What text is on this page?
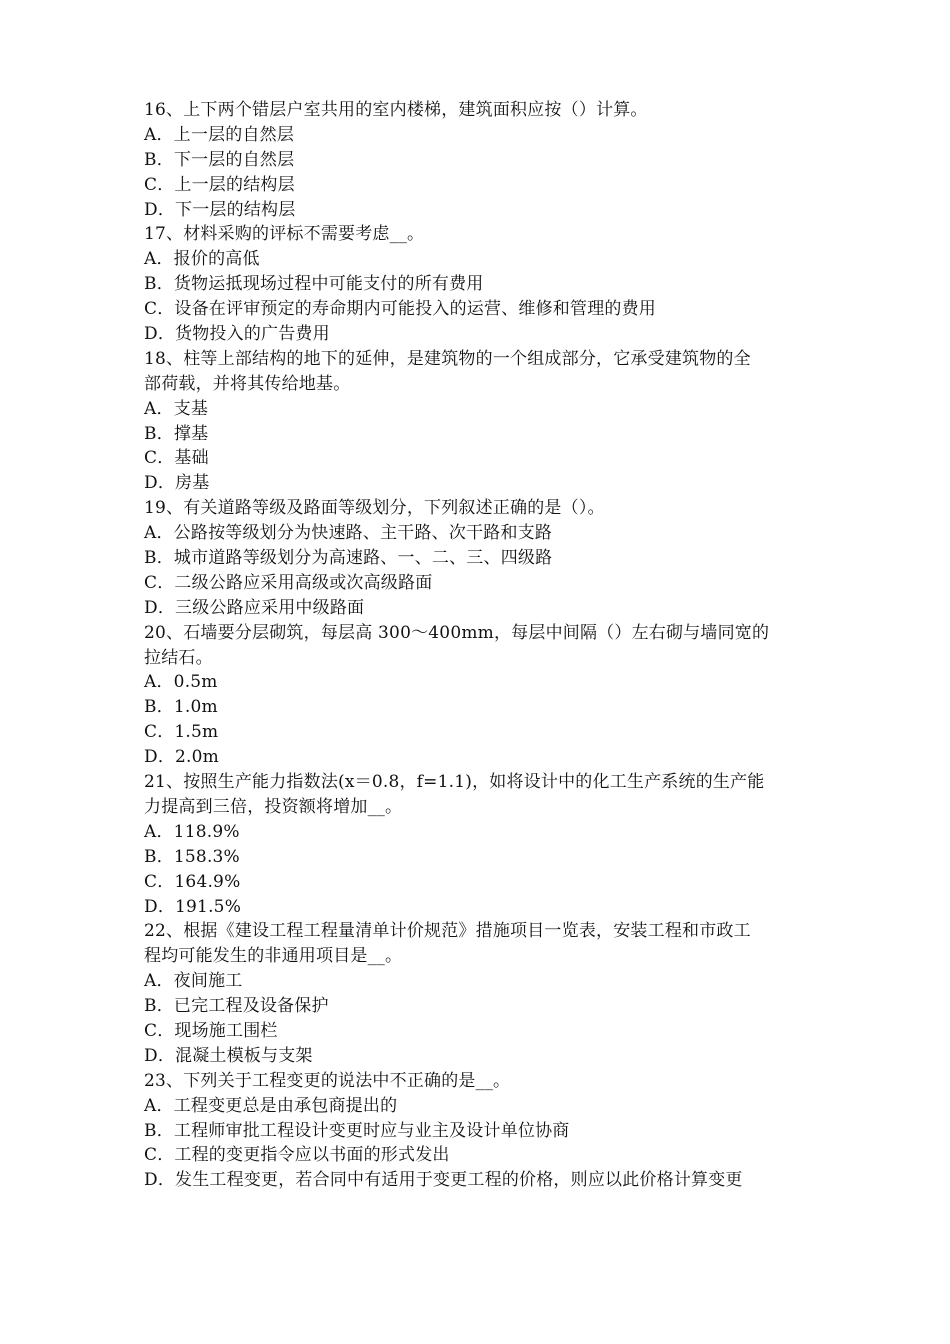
16、上下两个错层户室共用的室内楼梯，建筑面积应按（）计算。
A．上一层的自然层
B．下一层的自然层
C．上一层的结构层
D．下一层的结构层
17、材料采购的评标不需要考虑__。
A．报价的高低
B．货物运抵现场过程中可能支付的所有费用
C．设备在评审预定的寿命期内可能投入的运营、维修和管理的费用
D．货物投入的广告费用
18、柱等上部结构的地下的延伸，是建筑物的一个组成部分，它承受建筑物的全
部荷载，并将其传给地基。
A．支基
B．撑基
C．基础
D．房基
19、有关道路等级及路面等级划分，下列叙述正确的是（）。
A．公路按等级划分为快速路、主干路、次干路和支路
B．城市道路等级划分为高速路、一、二、三、四级路
C．二级公路应采用高级或次高级路面
D．三级公路应采用中级路面
20、石墙要分层砌筑，每层高 300～400mm，每层中间隔（）左右砌与墙同宽的
拉结石。
A．0.5m
B．1.0m
C．1.5m
D．2.0m
21、按照生产能力指数法(x＝0.8，f=1.1)，如将设计中的化工生产系统的生产能
力提高到三倍，投资额将增加__。
A．118.9%
B．158.3%
C．164.9%
D．191.5%
22、根据《建设工程工程量清单计价规范》措施项目一览表，安装工程和市政工
程均可能发生的非通用项目是__。
A．夜间施工
B．已完工程及设备保护
C．现场施工围栏
D．混凝土模板与支架
23、下列关于工程变更的说法中不正确的是__。
A．工程变更总是由承包商提出的
B．工程师审批工程设计变更时应与业主及设计单位协商
C．工程的变更指令应以书面的形式发出
D．发生工程变更，若合同中有适用于变更工程的价格，则应以此价格计算变更
